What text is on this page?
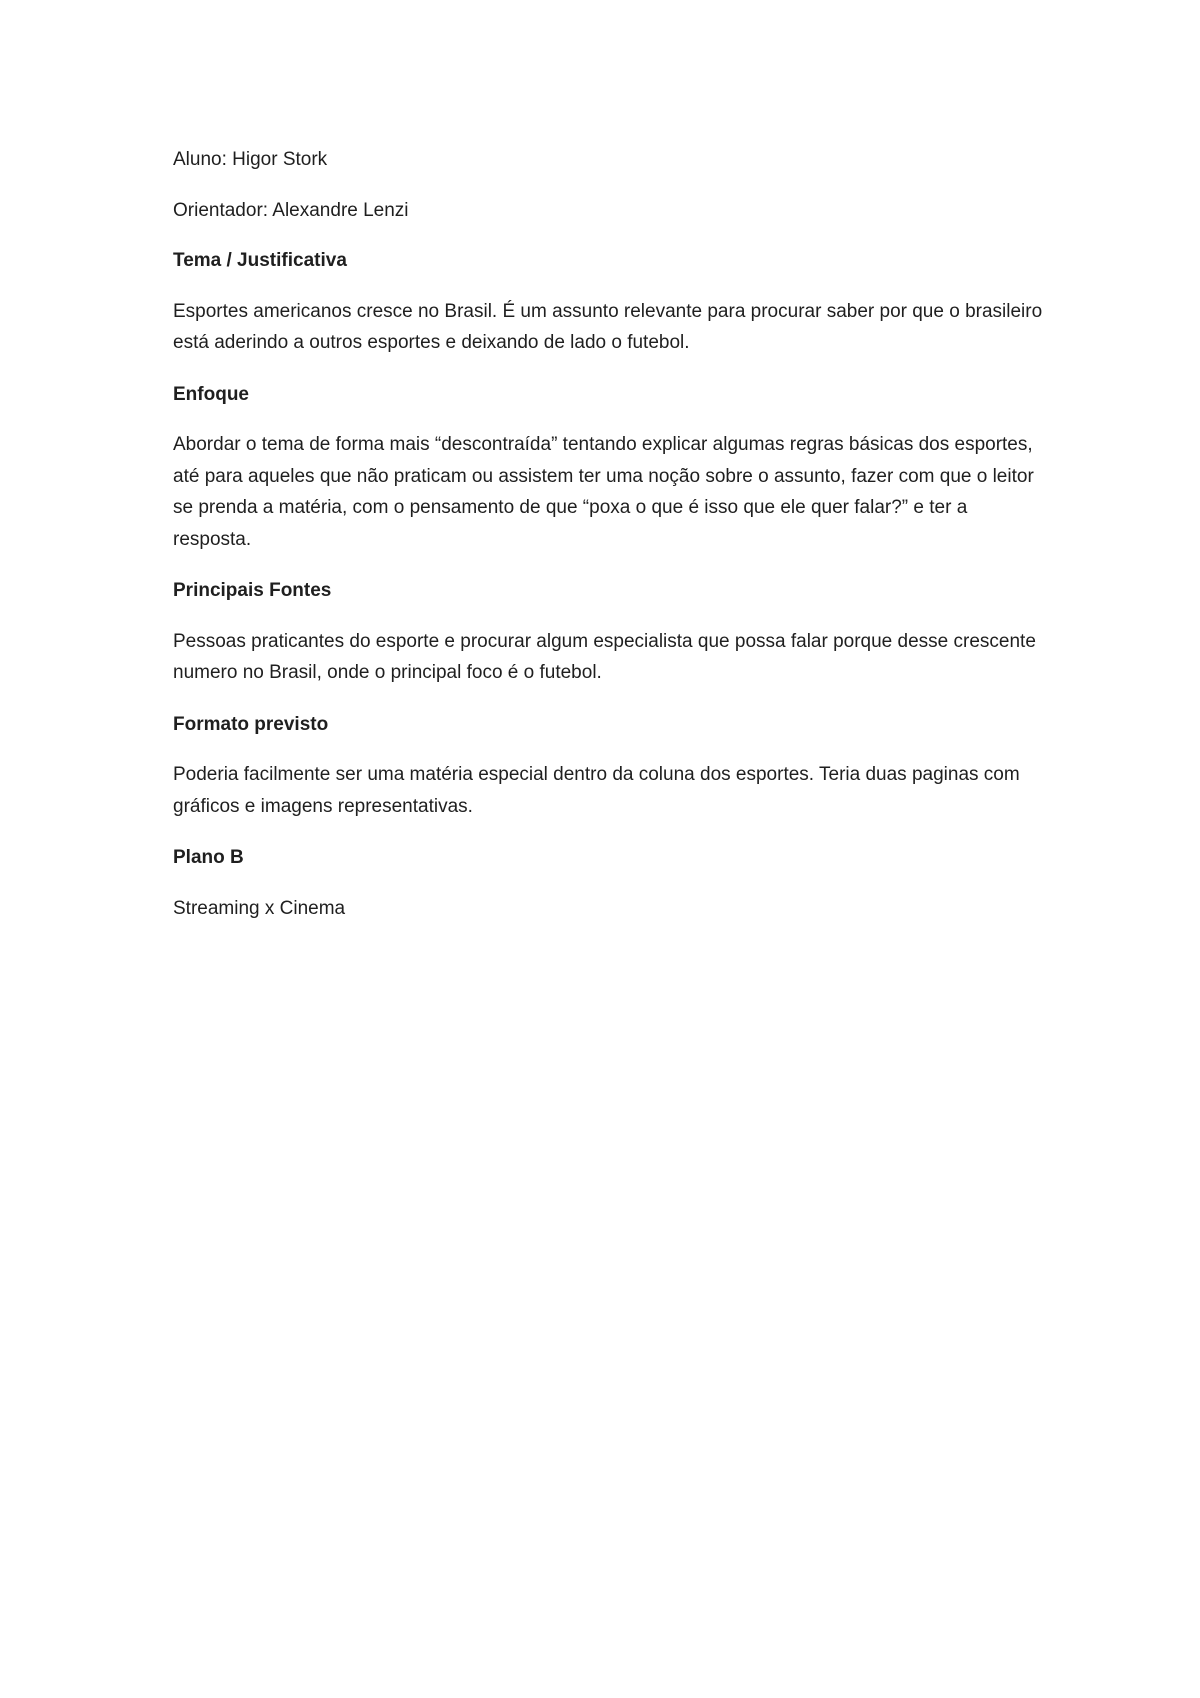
Aluno: Higor Stork

Orientador: Alexandre Lenzi

Tema / Justificativa

Esportes americanos cresce no Brasil. É um assunto relevante para procurar saber por que o brasileiro está aderindo a outros esportes e deixando de lado o futebol.

Enfoque

Abordar o tema de forma mais “descontraída” tentando explicar algumas regras básicas dos esportes, até para aqueles que não praticam ou assistem ter uma noção sobre o assunto, fazer com que o leitor se prenda a matéria, com o pensamento de que “poxa o que é isso que ele quer falar?” e ter a resposta.

Principais Fontes

Pessoas praticantes do esporte e procurar algum especialista que possa falar porque desse crescente numero no Brasil, onde o principal foco é o futebol.

Formato previsto

Poderia facilmente ser uma matéria especial dentro da coluna dos esportes. Teria duas paginas com gráficos e imagens representativas.

Plano B

Streaming x Cinema
